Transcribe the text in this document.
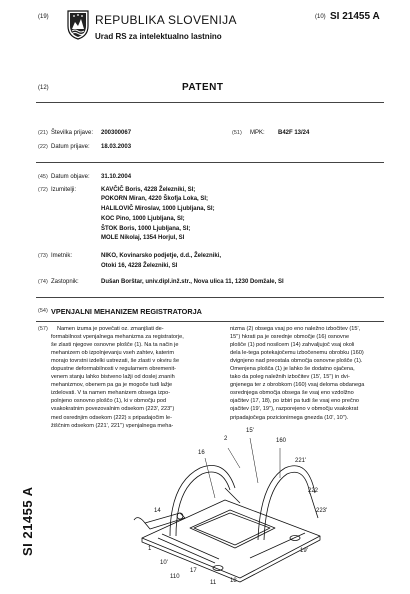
(19)	REPUBLIKA SLOVENIJA
Urad RS za intelektualno lastnino
(10) SI 21455 A
(12)	PATENT
(21) Številka prijave: 200300067	(51) MPK: B42F 13/24
(22) Datum prijave: 18.03.2003
(45) Datum objave: 31.10.2004
(72) Izumitelji:	KAVČIČ Boris, 4228 Železniki, SI;
POKORN Miran, 4220 Škofja Loka, SI;
HALILOVIČ Miroslav, 1000 Ljubljana, SI;
KOC Pino, 1000 Ljubljana, SI;
ŠTOK Boris, 1000 Ljubljana, SI;
MOLE Nikolaj, 1354 Horjul, SI
(73) Imetnik:	NIKO, Kovinarsko podjetje, d.d., Železniki,
Otoki 16, 4228 Železniki, SI
(74) Zastopnik:	Dušan Borštar, univ.dipl.inž.str., Nova ulica 11, 1230 Domžale, SI
(54) VPENJALNI MEHANIZEM REGISTRATORJA
(57)	Namen izuma je povečati oz. zmanjšati de-
formabilnost vpenjalnega mehanizma za registratorje,
še zlasti njegove osnovne plošče (1). Na ta način je
mehanizem ob izpolnjevanju vseh zahtev, katerim
morajo tovrstni izdelki ustrezati, še zlasti v okviru še
dopustne deformabilnosti v regularnem obremenit-
venem stanju lahko bistveno lažji od doslej znanih
mehanizmov, obenem pa ga je mogoče tudi lažje
izdelovati. V ta namen mehanizem obsega izpo-
polnjeno osnovno ploščo (1), ki v območju pod
vsakokratnim povezovalnim odsekom (223', 223'')
med osrednjim odsekom (222) s pripadajočim le-
žiščnim odsekom (221', 221'') vpenjalnega meha-
nizma (2) obsega vsaj po eno naležno izbočitev (15',
15'') hkrati pa je osrednje območje (16) osnovne
plošče (1) pod nosilcem (14) zahvaljujoč vsaj okoli
dela le-tega potekajočemu izbočenemu obrobku (160)
dvignjeno nad preostala območja osnovne plošče (1).
Omenjena plošča (1) je lahko še dodatno ojačena,
tako da poleg naležnih izbočitev (15', 15'') in dvi-
gnjenega ter z obrobkom (160) vsaj deloma obdanega
osrednjega območja obsega še vsaj eno vzdolžno
ojačitev (17, 18), po izbiri pa tudi še vsaj eno prečno
ojačitev (19', 19''), razporejeno v območju vsakokrat
pripadajočega pozicionirnega gnezda (10', 10'').
SI 21455 A
2
15'
16
160
221'
222
223'
14
1
10'
17
18
19'
110
11
